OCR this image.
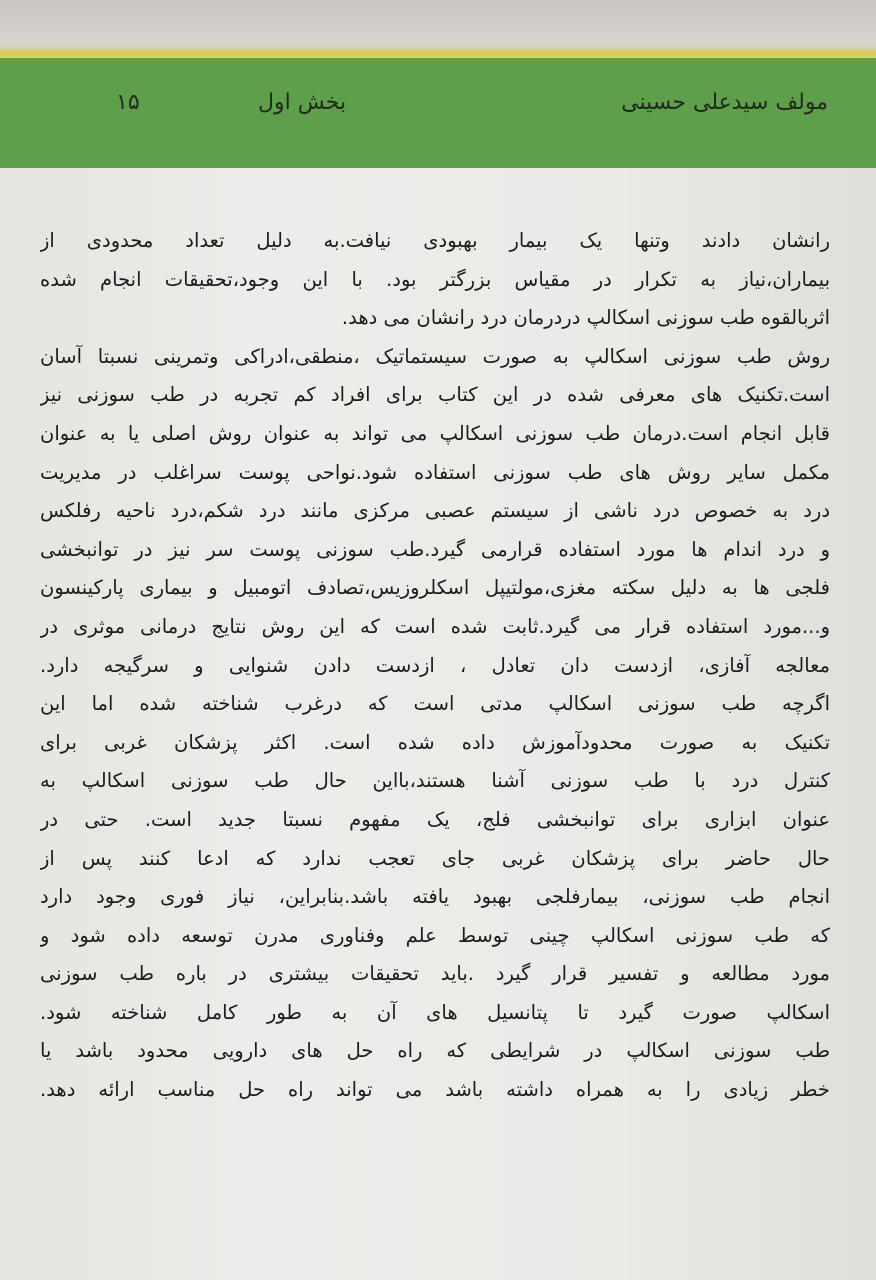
مولف سیدعلی حسینی
بخش اول
۱۵
رانشان دادند وتنها یک بیمار بهبودی نیافت.به دلیل تعداد محدودی از
بیماران،نیاز به تکرار در مقیاس بزرگتر بود. با این وجود،تحقیقات انجام شده
اثربالقوه طب سوزنی اسکالپ دردرمان درد رانشان می دهد.
روش طب سوزنی اسکالپ به صورت سیستماتیک ،منطقی،ادراکی وتمرینی نسبتا آسان
است.تکنیک های معرفی شده در این کتاب برای افراد کم تجربه در طب سوزنی نیز
قابل انجام است.درمان طب سوزنی اسکالپ می تواند به عنوان روش اصلی یا به عنوان
مکمل سایر روش های طب سوزنی استفاده شود.نواحی پوست سراغلب در مدیریت
درد به خصوص درد ناشی از سیستم عصبی مرکزی مانند درد شکم،درد ناحیه رفلکس
و درد اندام ها مورد استفاده قرارمی گیرد.طب سوزنی پوست سر نیز در توانبخشی
فلجی ها به دلیل سکته مغزی،مولتیپل اسکلروزیس،تصادف اتومبیل و بیماری پارکینسون
و...مورد استفاده قرار می گیرد.ثابت شده است که این روش نتایج درمانی موثری در
معالجه آفازی، ازدست دان تعادل ، ازدست دادن شنوایی و سرگیجه دارد.
اگرچه طب سوزنی اسکالپ مدتی است که درغرب شناخته شده اما این
تکنیک به صورت محدودآموزش داده شده است. اکثر پزشکان غربی برای
کنترل درد با طب سوزنی آشنا هستند،بااین حال طب سوزنی اسکالپ به
عنوان ابزاری برای توانبخشی فلج، یک مفهوم نسبتا جدید است. حتی در
حال حاضر برای پزشکان غربی جای تعجب ندارد که ادعا کنند پس از
انجام طب سوزنی، بیمارفلجی بهبود یافته باشد.بنابراین، نیاز فوری وجود دارد
که طب سوزنی اسکالپ چینی توسط علم وفناوری مدرن توسعه داده شود و
مورد مطالعه و تفسیر قرار گیرد .باید تحقیقات بیشتری در باره طب سوزنی
اسکالپ صورت گیرد تا پتانسیل های آن به طور کامل شناخته شود.
طب سوزنی اسکالپ در شرایطی که راه حل های دارویی محدود باشد یا
خطر زیادی را به همراه داشته باشد می تواند راه حل مناسب ارائه دهد.
